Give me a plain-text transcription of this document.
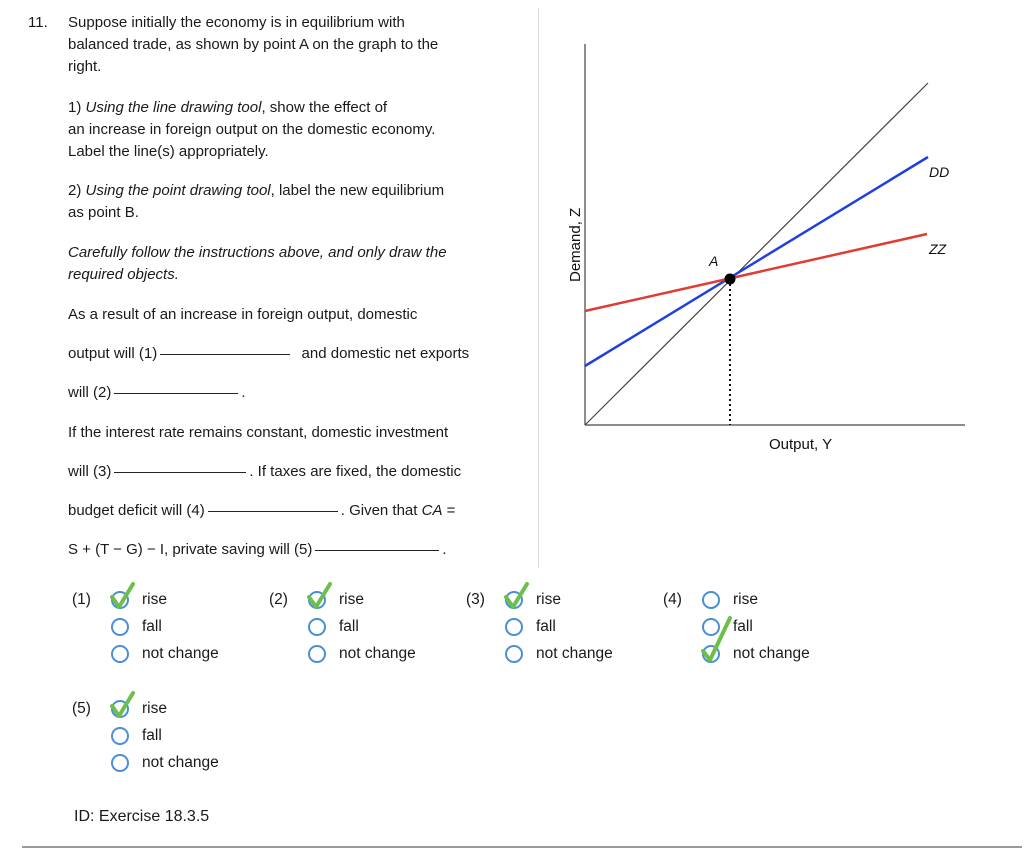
11. Suppose initially the economy is in equilibrium with
balanced trade, as shown by point A on the graph to the
right.
1) Using the line drawing tool, show the effect of
an increase in foreign output on the domestic economy.
Label the line(s) appropriately.
2) Using the point drawing tool, label the new equilibrium
as point B.
Carefully follow the instructions above, and only draw the
required objects.
As a result of an increase in foreign output, domestic
output will (1)	and domestic net exports
will (2)	.
If the interest rate remains constant, domestic investment
will (3)	. If taxes are fixed, the domestic
budget deficit will (4)	. Given that CA =
S + (T − G) − I, private saving will (5)	.
A
DD
ZZ
Output, Y
Demand, Z
(1)	rise
fall
not change
(2)	rise
fall
not change
(3)	rise
fall
not change
(4)	rise
fall
not change
(5)	rise
fall
not change
ID: Exercise 18.3.5
